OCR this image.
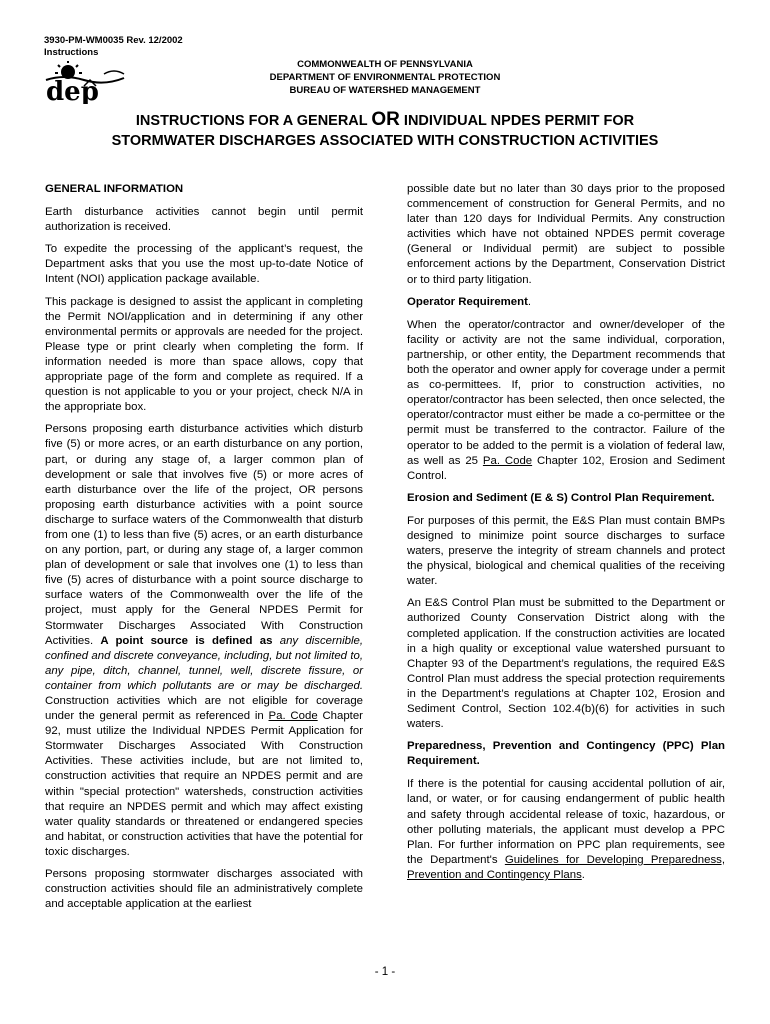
3930-PM-WM0035 Rev. 12/2002
Instructions
dep
COMMONWEALTH OF PENNSYLVANIA
DEPARTMENT OF ENVIRONMENTAL PROTECTION
BUREAU OF WATERSHED MANAGEMENT
INSTRUCTIONS FOR A GENERAL OR INDIVIDUAL NPDES PERMIT FOR
STORMWATER DISCHARGES ASSOCIATED WITH CONSTRUCTION ACTIVITIES
GENERAL INFORMATION

Earth disturbance activities cannot begin until permit authorization is received.

To expedite the processing of the applicant’s request, the Department asks that you use the most up-to-date Notice of Intent (NOI) application package available.

This package is designed to assist the applicant in completing the Permit NOI/application and in determining if any other environmental permits or approvals are needed for the project. Please type or print clearly when completing the form. If information needed is more than space allows, copy that appropriate page of the form and complete as required. If a question is not applicable to you or your project, check N/A in the appropriate box.

Persons proposing earth disturbance activities which disturb five (5) or more acres, or an earth disturbance on any portion, part, or during any stage of, a larger common plan of development or sale that involves five (5) or more acres of earth disturbance over the life of the project, OR persons proposing earth disturbance activities with a point source discharge to surface waters of the Commonwealth that disturb from one (1) to less than five (5) acres, or an earth disturbance on any portion, part, or during any stage of, a larger common plan of development or sale that involves one (1) to less than five (5) acres of disturbance with a point source discharge to surface waters of the Commonwealth over the life of the project, must apply for the General NPDES Permit for Stormwater Discharges Associated With Construction Activities. A point source is defined as any discernible, confined and discrete conveyance, including, but not limited to, any pipe, ditch, channel, tunnel, well, discrete fissure, or container from which pollutants are or may be discharged. Construction activities which are not eligible for coverage under the general permit as referenced in Pa. Code Chapter 92, must utilize the Individual NPDES Permit Application for Stormwater Discharges Associated With Construction Activities. These activities include, but are not limited to, construction activities that require an NPDES permit and are within "special protection" watersheds, construction activities that require an NPDES permit and which may affect existing water quality standards or threatened or endangered species and habitat, or construction activities that have the potential for toxic discharges.

Persons proposing stormwater discharges associated with construction activities should file an administratively complete and acceptable application at the earliest

possible date but no later than 30 days prior to the proposed commencement of construction for General Permits, and no later than 120 days for Individual Permits. Any construction activities which have not obtained NPDES permit coverage (General or Individual permit) are subject to possible enforcement actions by the Department, Conservation District or to third party litigation.

Operator Requirement.

When the operator/contractor and owner/developer of the facility or activity are not the same individual, corporation, partnership, or other entity, the Department recommends that both the operator and owner apply for coverage under a permit as co-permittees. If, prior to construction activities, no operator/contractor has been selected, then once selected, the operator/contractor must either be made a co-permittee or the permit must be transferred to the contractor. Failure of the operator to be added to the permit is a violation of federal law, as well as 25 Pa. Code Chapter 102, Erosion and Sediment Control.

Erosion and Sediment (E & S) Control Plan Requirement.

For purposes of this permit, the E&S Plan must contain BMPs designed to minimize point source discharges to surface waters, preserve the integrity of stream channels and protect the physical, biological and chemical qualities of the receiving water.

An E&S Control Plan must be submitted to the Department or authorized County Conservation District along with the completed application. If the construction activities are located in a high quality or exceptional value watershed pursuant to Chapter 93 of the Department’s regulations, the required E&S Control Plan must address the special protection requirements in the Department’s regulations at Chapter 102, Erosion and Sediment Control, Section 102.4(b)(6) for activities in such waters.

Preparedness, Prevention and Contingency (PPC) Plan Requirement.

If there is the potential for causing accidental pollution of air, land, or water, or for causing endangerment of public health and safety through accidental release of toxic, hazardous, or other polluting materials, the applicant must develop a PPC Plan. For further information on PPC plan requirements, see the Department's Guidelines for Developing Preparedness, Prevention and Contingency Plans.

- 1 -
